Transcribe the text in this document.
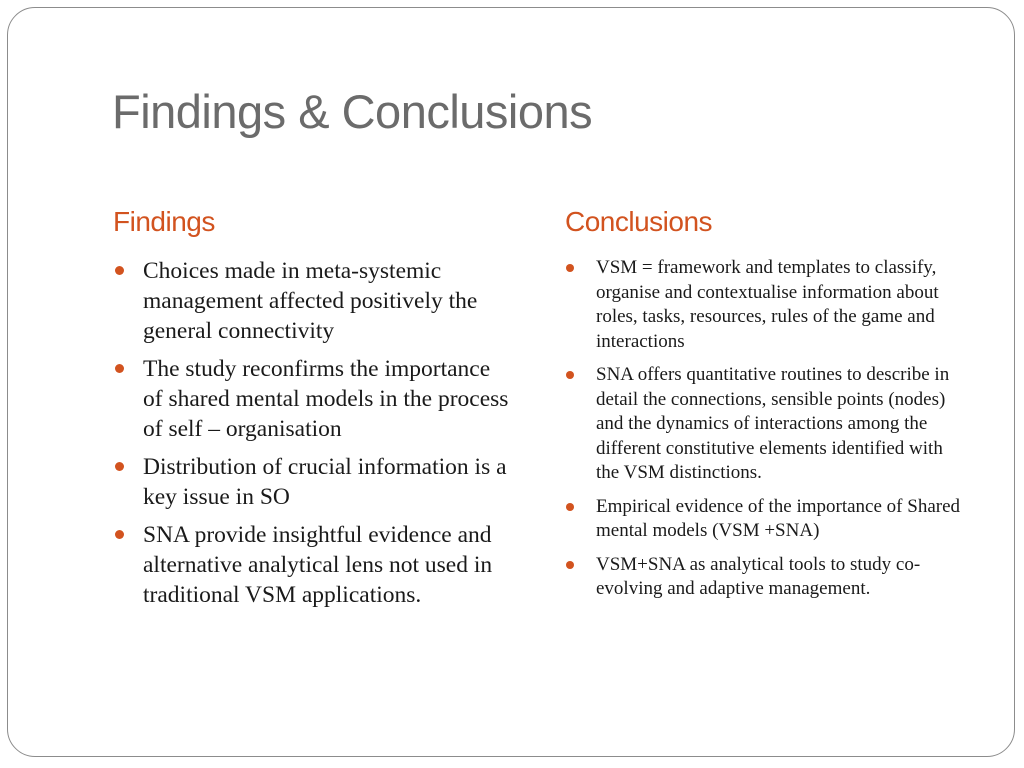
Findings & Conclusions
Findings	Conclusions
Choices made in meta-systemic management affected positively the general connectivity
The study reconfirms the importance of shared mental models in the process of self – organisation
Distribution of crucial information is a key issue in SO
SNA provide insightful evidence and alternative analytical lens not used in traditional VSM applications.
VSM = framework and templates to classify, organise and contextualise information about roles, tasks, resources, rules of the game and interactions
SNA offers quantitative routines to describe in detail the connections, sensible points (nodes) and the dynamics of interactions among the different constitutive elements identified with the VSM distinctions.
Empirical evidence of the importance of Shared mental models (VSM +SNA)
VSM+SNA as analytical tools to study co-evolving and adaptive management.
